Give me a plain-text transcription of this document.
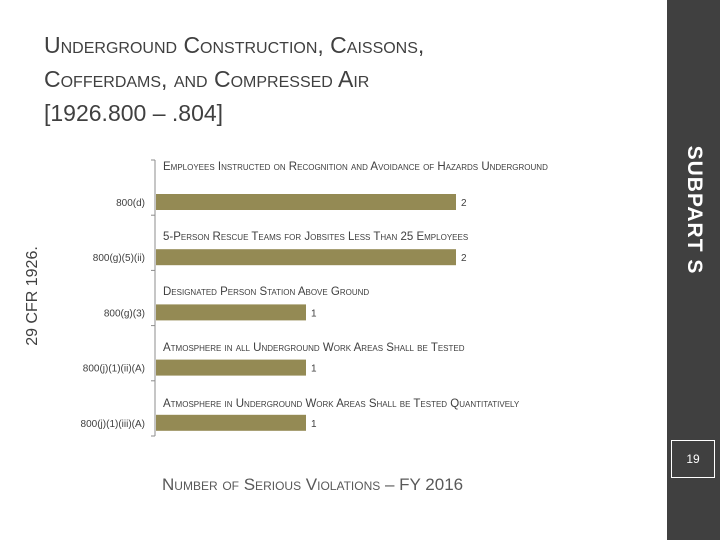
Underground Construction, Caissons,
Cofferdams, and Compressed Air
[1926.800 – .804]
SUBPART S
19
29 CFR 1926.
800(d)	2
800(g)(5)(ii)	2
800(g)(3)	1
800(j)(1)(ii)(A)	1
800(j)(1)(iii)(A)	1
Employees Instructed on Recognition and Avoidance of Hazards Underground
5-Person Rescue Teams for Jobsites Less Than 25 Employees
Designated Person Station Above Ground
Atmosphere in all Underground Work Areas Shall be Tested
Atmosphere in Underground Work Areas Shall be Tested Quantitatively
Number of Serious Violations – FY 2016
